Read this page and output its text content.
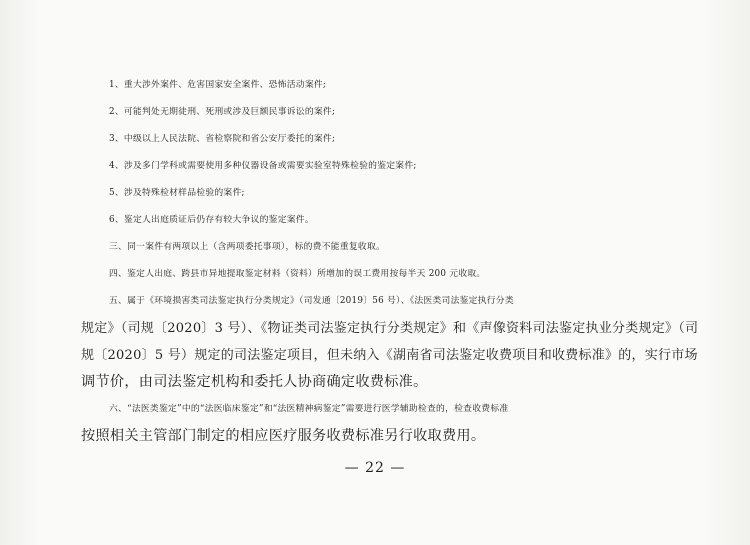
1、重大涉外案件、危害国家安全案件、恐怖活动案件;
2、可能判处无期徒刑、死刑或涉及巨额民事诉讼的案件;
3、中级以上人民法院、省检察院和省公安厅委托的案件;
4、涉及多门学科或需要使用多种仪器设备或需要实验室特殊检验的鉴定案件;
5、涉及特殊检材样品检验的案件;
6、鉴定人出庭质证后仍存有较大争议的鉴定案件。
三、同一案件有两项以上（含两项委托事项），标的费不能重复收取。
四、鉴定人出庭、跨县市异地提取鉴定材料（资料）所增加的误工费用按每半天 200 元收取。
五、属于《环境损害类司法鉴定执行分类规定》（司发通〔2019〕56 号）、《法医类司法鉴定执行分类
规定》（司规〔2020〕3 号）、《物证类司法鉴定执行分类规定》和《声像资料司法鉴定执业分类规定》（司
规〔2020〕5 号）规定的司法鉴定项目，但未纳入《湖南省司法鉴定收费项目和收费标准》的，实行市场
调节价，由司法鉴定机构和委托人协商确定收费标准。
六、“法医类鉴定”中的“法医临床鉴定”和“法医精神病鉴定”需要进行医学辅助检查的，检查收费标准
按照相关主管部门制定的相应医疗服务收费标准另行收取费用。
— 22 —
